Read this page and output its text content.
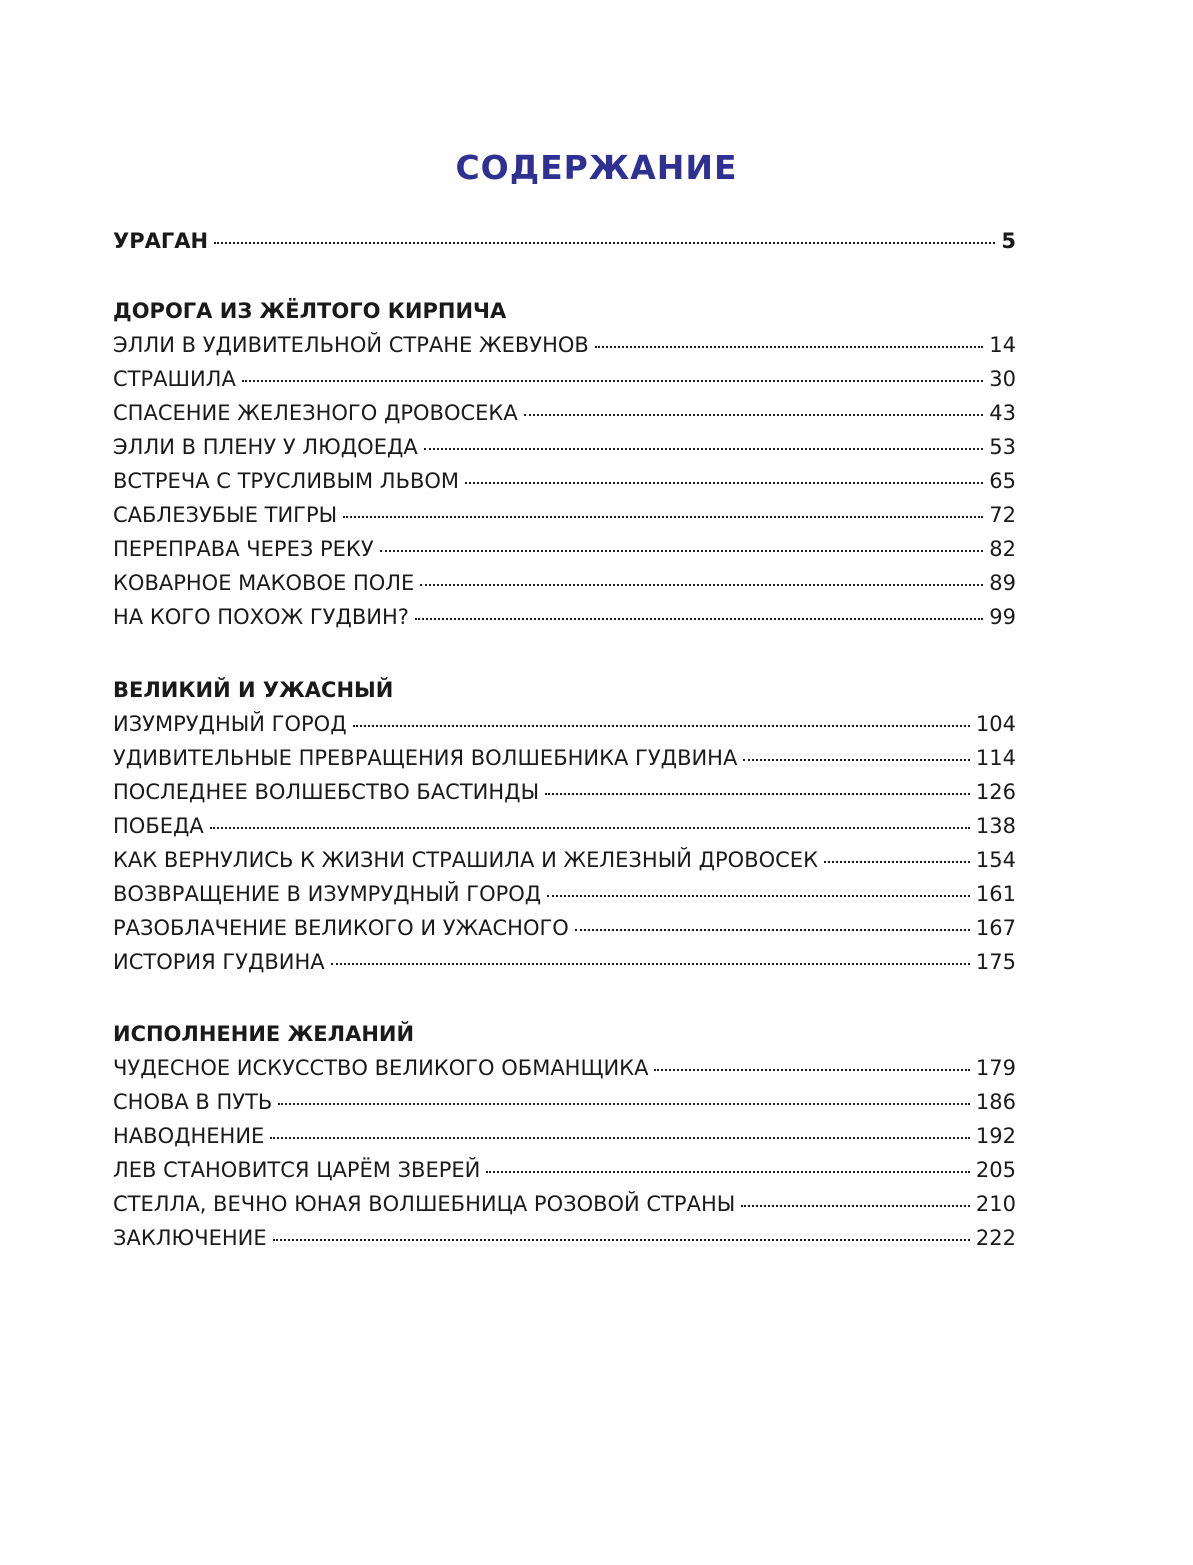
СОДЕРЖАНИЕ
УРАГАН	5
ДОРОГА ИЗ ЖЁЛТОГО КИРПИЧА
ЭЛЛИ В УДИВИТЕЛЬНОЙ СТРАНЕ ЖЕВУНОВ	14
СТРАШИЛА	30
СПАСЕНИЕ ЖЕЛЕЗНОГО ДРОВОСЕКА	43
ЭЛЛИ В ПЛЕНУ У ЛЮДОЕДА	53
ВСТРЕЧА С ТРУСЛИВЫМ ЛЬВОМ	65
САБЛЕЗУБЫЕ ТИГРЫ	72
ПЕРЕПРАВА ЧЕРЕЗ РЕКУ	82
КОВАРНОЕ МАКОВОЕ ПОЛЕ	89
НА КОГО ПОХОЖ ГУДВИН?	99
ВЕЛИКИЙ И УЖАСНЫЙ
ИЗУМРУДНЫЙ ГОРОД	104
УДИВИТЕЛЬНЫЕ ПРЕВРАЩЕНИЯ ВОЛШЕБНИКА ГУДВИНА	114
ПОСЛЕДНЕЕ ВОЛШЕБСТВО БАСТИНДЫ	126
ПОБЕДА	138
КАК ВЕРНУЛИСЬ К ЖИЗНИ СТРАШИЛА И ЖЕЛЕЗНЫЙ ДРОВОСЕК	154
ВОЗВРАЩЕНИЕ В ИЗУМРУДНЫЙ ГОРОД	161
РАЗОБЛАЧЕНИЕ ВЕЛИКОГО И УЖАСНОГО	167
ИСТОРИЯ ГУДВИНА	175
ИСПОЛНЕНИЕ ЖЕЛАНИЙ
ЧУДЕСНОЕ ИСКУССТВО ВЕЛИКОГО ОБМАНЩИКА	179
СНОВА В ПУТЬ	186
НАВОДНЕНИЕ	192
ЛЕВ СТАНОВИТСЯ ЦАРЁМ ЗВЕРЕЙ	205
СТЕЛЛА, ВЕЧНО ЮНАЯ ВОЛШЕБНИЦА РОЗОВОЙ СТРАНЫ	210
ЗАКЛЮЧЕНИЕ	222
